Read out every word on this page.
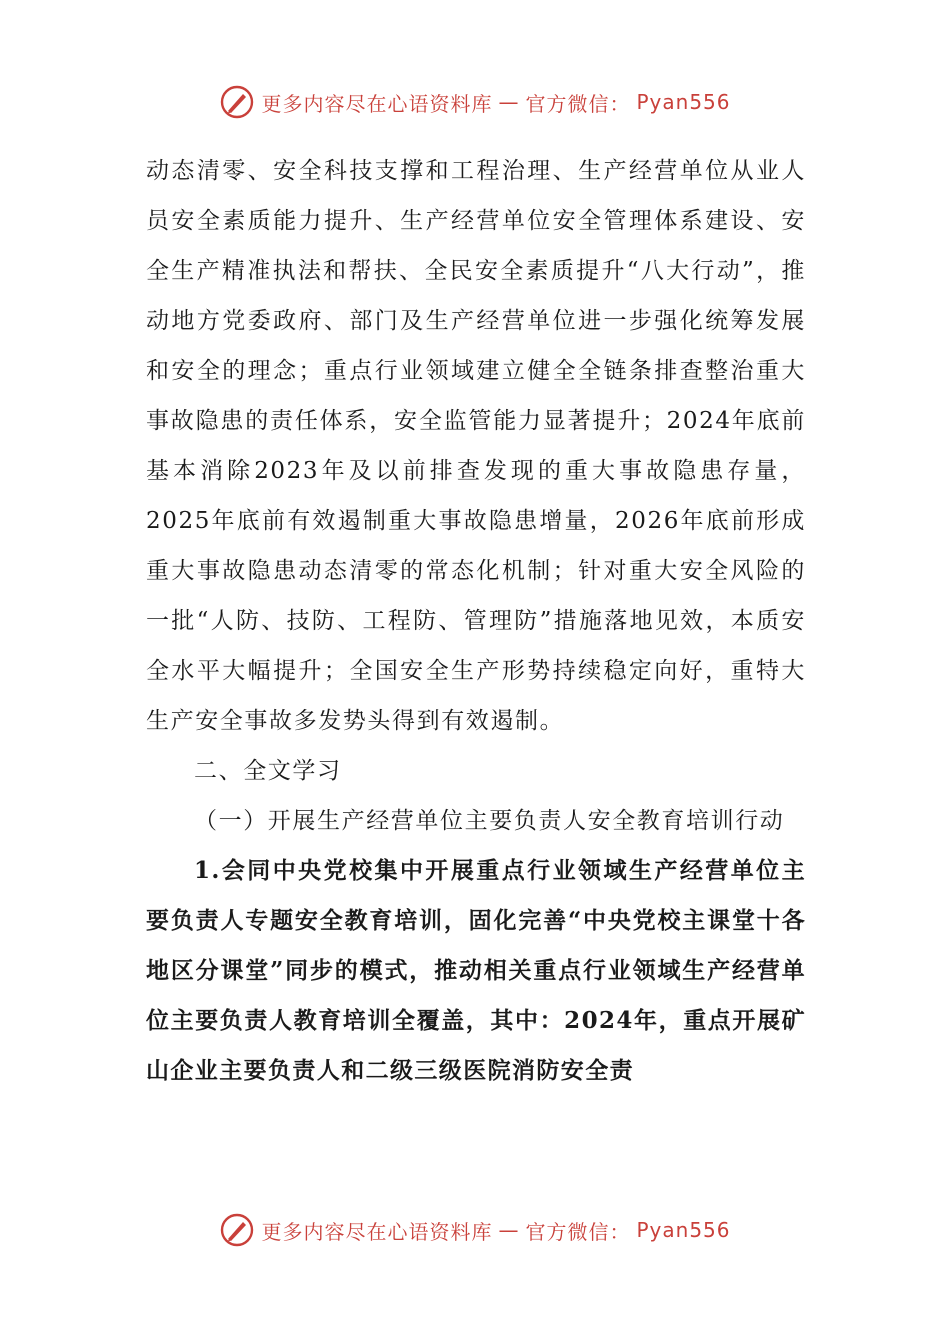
更多内容尽在心语资料库 — 官方微信： Pyan556

动态清零、安全科技支撑和工程治理、生产经营单位从业人员安全素质能力提升、生产经营单位安全管理体系建设、安全生产精准执法和帮扶、全民安全素质提升“八大行动”，推动地方党委政府、部门及生产经营单位进一步强化统筹发展和安全的理念；重点行业领域建立健全全链条排查整治重大事故隐患的责任体系，安全监管能力显著提升；2024年底前基本消除2023年及以前排查发现的重大事故隐患存量，2025年底前有效遏制重大事故隐患增量，2026年底前形成重大事故隐患动态清零的常态化机制；针对重大安全风险的一批“人防、技防、工程防、管理防”措施落地见效，本质安全水平大幅提升；全国安全生产形势持续稳定向好，重特大生产安全事故多发势头得到有效遏制。

二、全文学习

（一）开展生产经营单位主要负责人安全教育培训行动

1.会同中央党校集中开展重点行业领域生产经营单位主要负责人专题安全教育培训，固化完善“中央党校主课堂十各地区分课堂”同步的模式，推动相关重点行业领域生产经营单位主要负责人教育培训全覆盖，其中：2024年，重点开展矿山企业主要负责人和二级三级医院消防安全责

更多内容尽在心语资料库 — 官方微信： Pyan556
